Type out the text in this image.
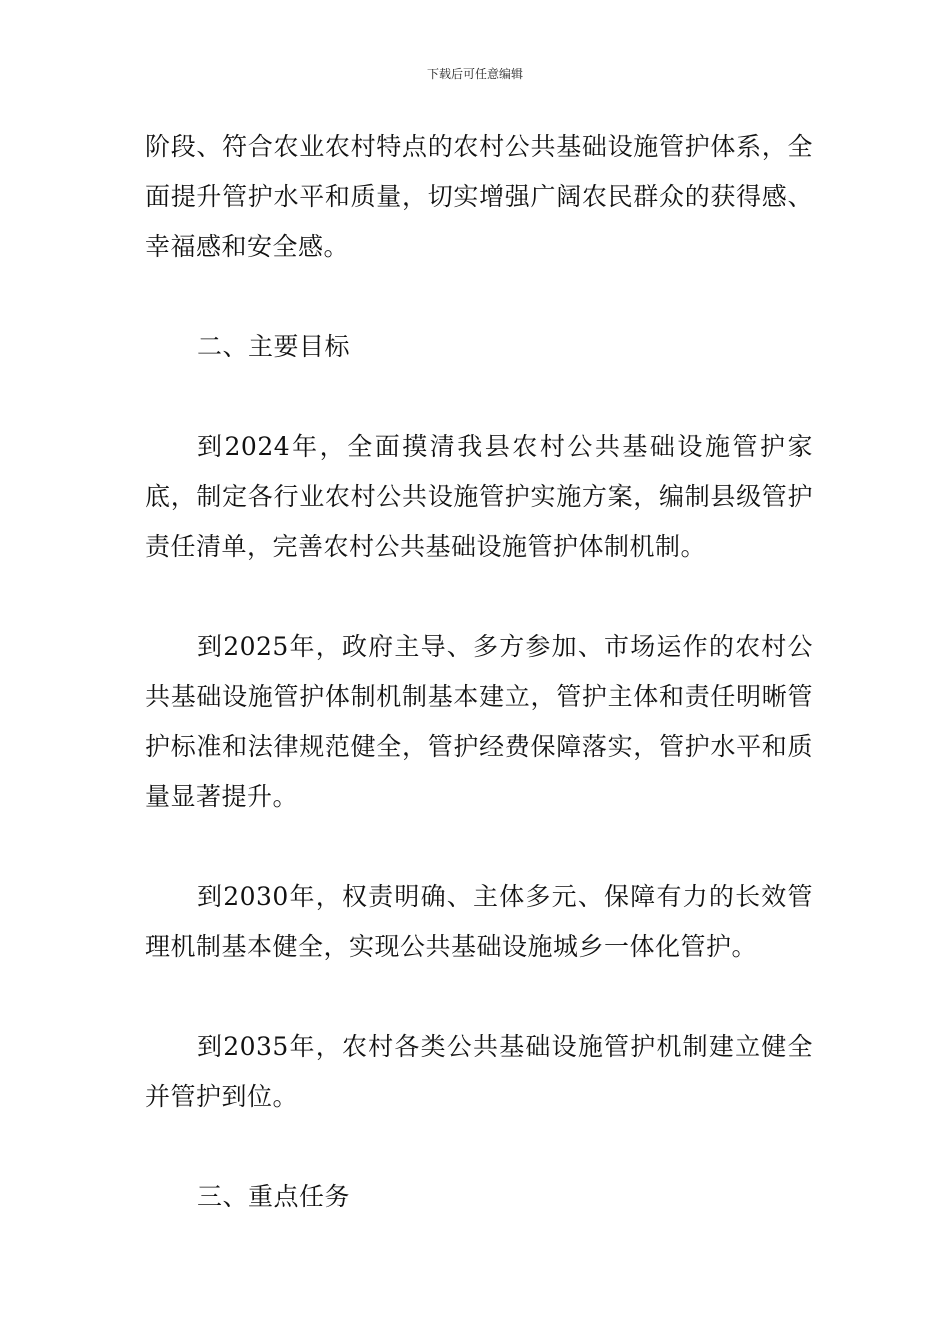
下载后可任意编辑

阶段、符合农业农村特点的农村公共基础设施管护体系，全面提升管护水平和质量，切实增强广阔农民群众的获得感、幸福感和安全感。

二、主要目标

到2024年，全面摸清我县农村公共基础设施管护家底，制定各行业农村公共设施管护实施方案，编制县级管护责任清单，完善农村公共基础设施管护体制机制。

到2025年，政府主导、多方参加、市场运作的农村公共基础设施管护体制机制基本建立，管护主体和责任明晰管护标准和法律规范健全，管护经费保障落实，管护水平和质量显著提升。

到2030年，权责明确、主体多元、保障有力的长效管理机制基本健全，实现公共基础设施城乡一体化管护。

到2035年，农村各类公共基础设施管护机制建立健全并管护到位。

三、重点任务
